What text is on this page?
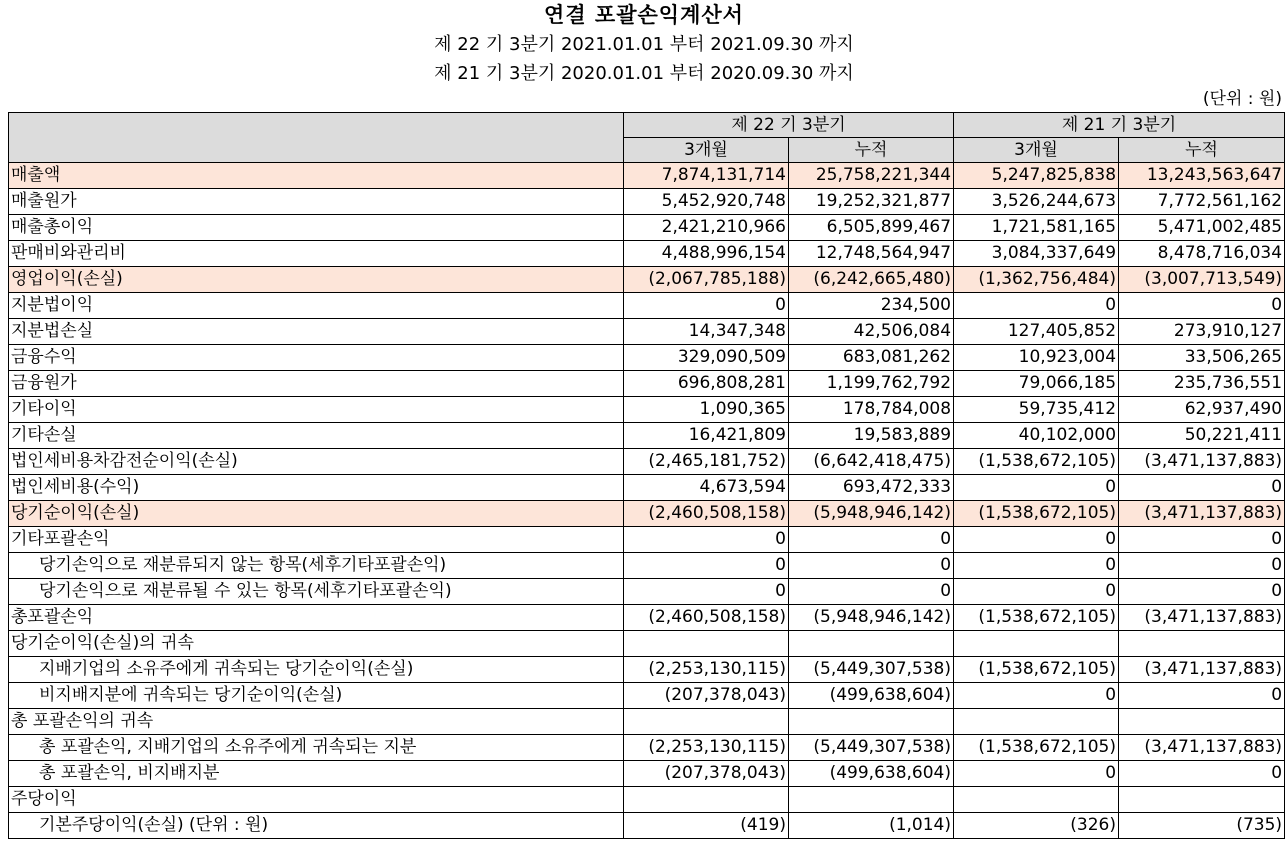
연결 포괄손익계산서
제 22 기 3분기 2021.01.01 부터 2021.09.30 까지
제 21 기 3분기 2020.01.01 부터 2020.09.30 까지
(단위 : 원)
	제 22 기 3분기		제 21 기 3분기	
	3개월	누적	3개월	누적
매출액	7,874,131,714	25,758,221,344	5,247,825,838	13,243,563,647
매출원가	5,452,920,748	19,252,321,877	3,526,244,673	7,772,561,162
매출총이익	2,421,210,966	6,505,899,467	1,721,581,165	5,471,002,485
판매비와관리비	4,488,996,154	12,748,564,947	3,084,337,649	8,478,716,034
영업이익(손실)	(2,067,785,188)	(6,242,665,480)	(1,362,756,484)	(3,007,713,549)
지분법이익	0	234,500	0	0
지분법손실	14,347,348	42,506,084	127,405,852	273,910,127
금융수익	329,090,509	683,081,262	10,923,004	33,506,265
금융원가	696,808,281	1,199,762,792	79,066,185	235,736,551
기타이익	1,090,365	178,784,008	59,735,412	62,937,490
기타손실	16,421,809	19,583,889	40,102,000	50,221,411
법인세비용차감전순이익(손실)	(2,465,181,752)	(6,642,418,475)	(1,538,672,105)	(3,471,137,883)
법인세비용(수익)	4,673,594	693,472,333	0	0
당기순이익(손실)	(2,460,508,158)	(5,948,946,142)	(1,538,672,105)	(3,471,137,883)
기타포괄손익	0	0	0	0
당기손익으로 재분류되지 않는 항목(세후기타포괄손익)	0	0	0	0
당기손익으로 재분류될 수 있는 항목(세후기타포괄손익)	0	0	0	0
총포괄손익	(2,460,508,158)	(5,948,946,142)	(1,538,672,105)	(3,471,137,883)
당기순이익(손실)의 귀속				
지배기업의 소유주에게 귀속되는 당기순이익(손실)	(2,253,130,115)	(5,449,307,538)	(1,538,672,105)	(3,471,137,883)
비지배지분에 귀속되는 당기순이익(손실)	(207,378,043)	(499,638,604)	0	0
총 포괄손익의 귀속				
총 포괄손익, 지배기업의 소유주에게 귀속되는 지분	(2,253,130,115)	(5,449,307,538)	(1,538,672,105)	(3,471,137,883)
총 포괄손익, 비지배지분	(207,378,043)	(499,638,604)	0	0
주당이익				
기본주당이익(손실) (단위 : 원)	(419)	(1,014)	(326)	(735)
